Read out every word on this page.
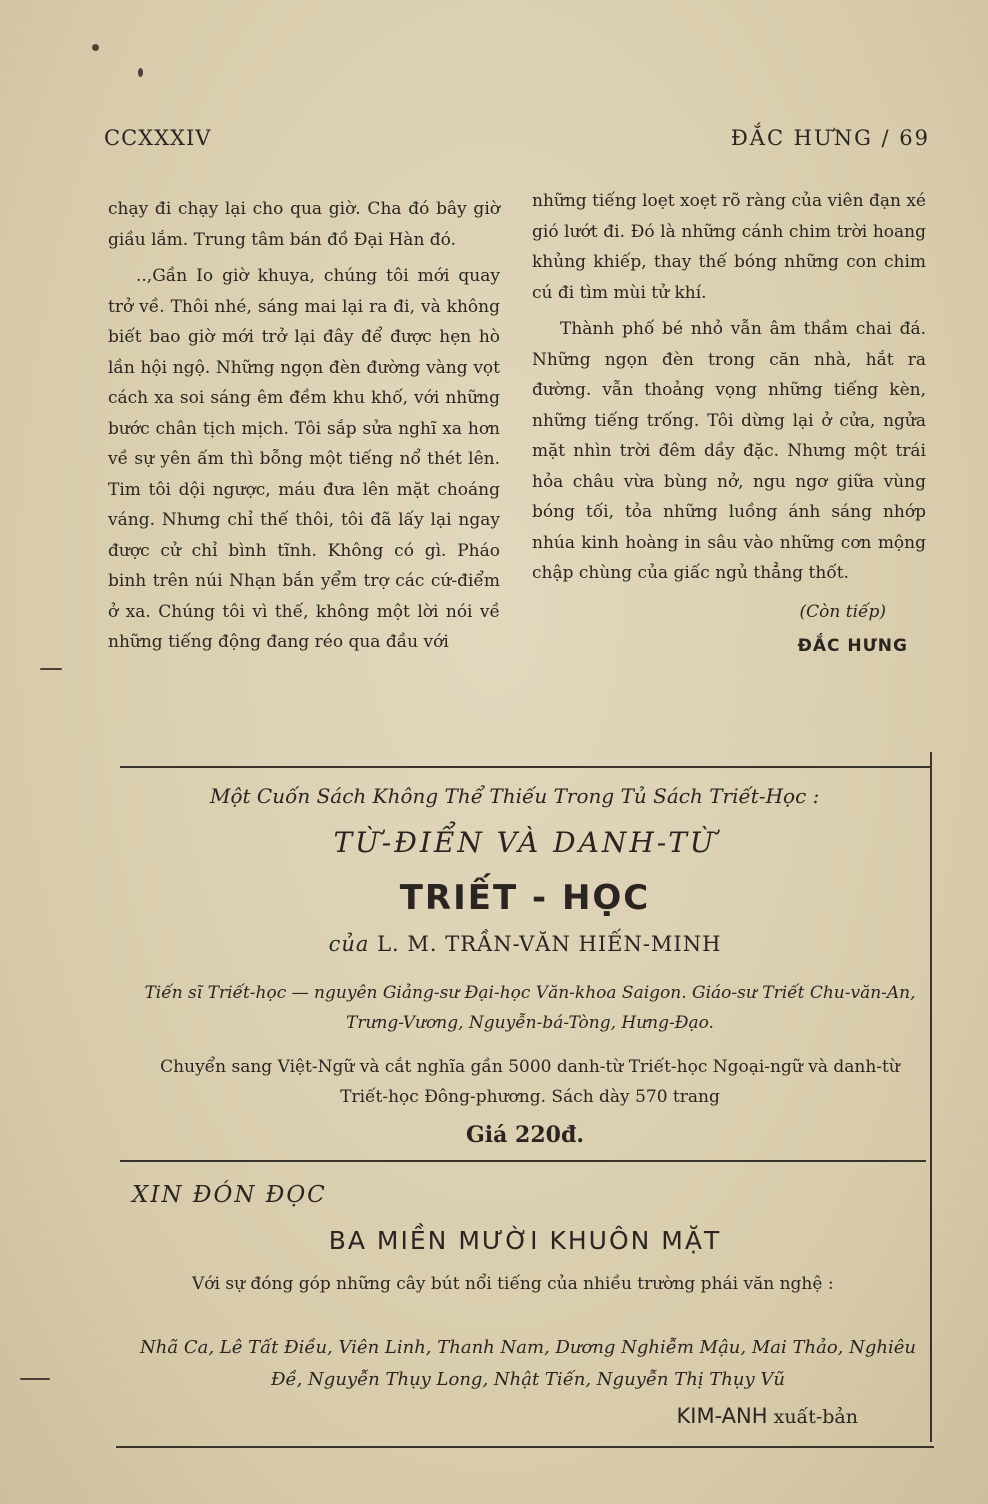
CCXXXIV	ĐẮC HƯNG / 69

chạy đi chạy lại cho qua giờ. Cha đó bây giờ giầu lắm. Trung tâm bán đồ Đại Hàn đó.

..,Gần Io giờ khuya, chúng tôi mới quay trở về. Thôi nhé, sáng mai lại ra đi, và không biết bao giờ mới trở lại đây để được hẹn hò lần hội ngộ. Những ngọn đèn đường vàng vọt cách xa soi sáng êm đềm khu khố, với những bước chân tịch mịch. Tôi sắp sửa nghĩ xa hơn về sự yên ấm thì bỗng một tiếng nổ thét lên. Tim tôi dội ngược, máu đưa lên mặt choáng váng. Nhưng chỉ thế thôi, tôi đã lấy lại ngay được cử chỉ bình tĩnh. Không có gì. Pháo binh trên núi Nhạn bắn yểm trợ các cứ-điểm ở xa. Chúng tôi vì thế, không một lời nói về những tiếng động đang réo qua đầu với

những tiếng loẹt xoẹt rõ ràng của viên đạn xé gió lướt đi. Đó là những cánh chim trời hoang khủng khiếp, thay thế bóng những con chim cú đi tìm mùi tử khí.

Thành phố bé nhỏ vẫn âm thầm chai đá. Những ngọn đèn trong căn nhà, hắt ra đường. vẫn thoảng vọng những tiếng kèn, những tiếng trống. Tôi dừng lại ở cửa, ngửa mặt nhìn trời đêm dầy đặc. Nhưng một trái hỏa châu vừa bùng nở, ngu ngơ giữa vùng bóng tối, tỏa những luồng ánh sáng nhớp nhúa kinh hoàng in sâu vào những cơn mộng chập chùng của giấc ngủ thẳng thốt.

(Còn tiếp)

ĐẮC HƯNG

Một Cuốn Sách Không Thể Thiếu Trong Tủ Sách Triết-Học :
TỪ-ĐIỂN VÀ DANH-TỪ
TRIẾT - HỌC
của L. M. TRẦN-VĂN HIẾN-MINH
Tiến sĩ Triết-học — nguyên Giảng-sư Đại-học Văn-khoa Saigon. Giáo-sư Triết Chu-văn-An, Trưng-Vương, Nguyễn-bá-Tòng, Hưng-Đạo.
Chuyển sang Việt-Ngữ và cắt nghĩa gần 5000 danh-từ Triết-học Ngoại-ngữ và danh-từ Triết-học Đông-phương. Sách dày 570 trang
Giá 220đ.
XIN ĐÓN ĐỌC
BA MIỀN MƯỜI KHUÔN MẶT
Với sự đóng góp những cây bút nổi tiếng của nhiều trường phái văn nghệ :
Nhã Ca, Lê Tất Điều, Viên Linh, Thanh Nam, Dương Nghiễm Mậu, Mai Thảo, Nghiêu Đề, Nguyễn Thụy Long, Nhật Tiến, Nguyễn Thị Thụy Vũ
KIM-ANH xuất-bản
